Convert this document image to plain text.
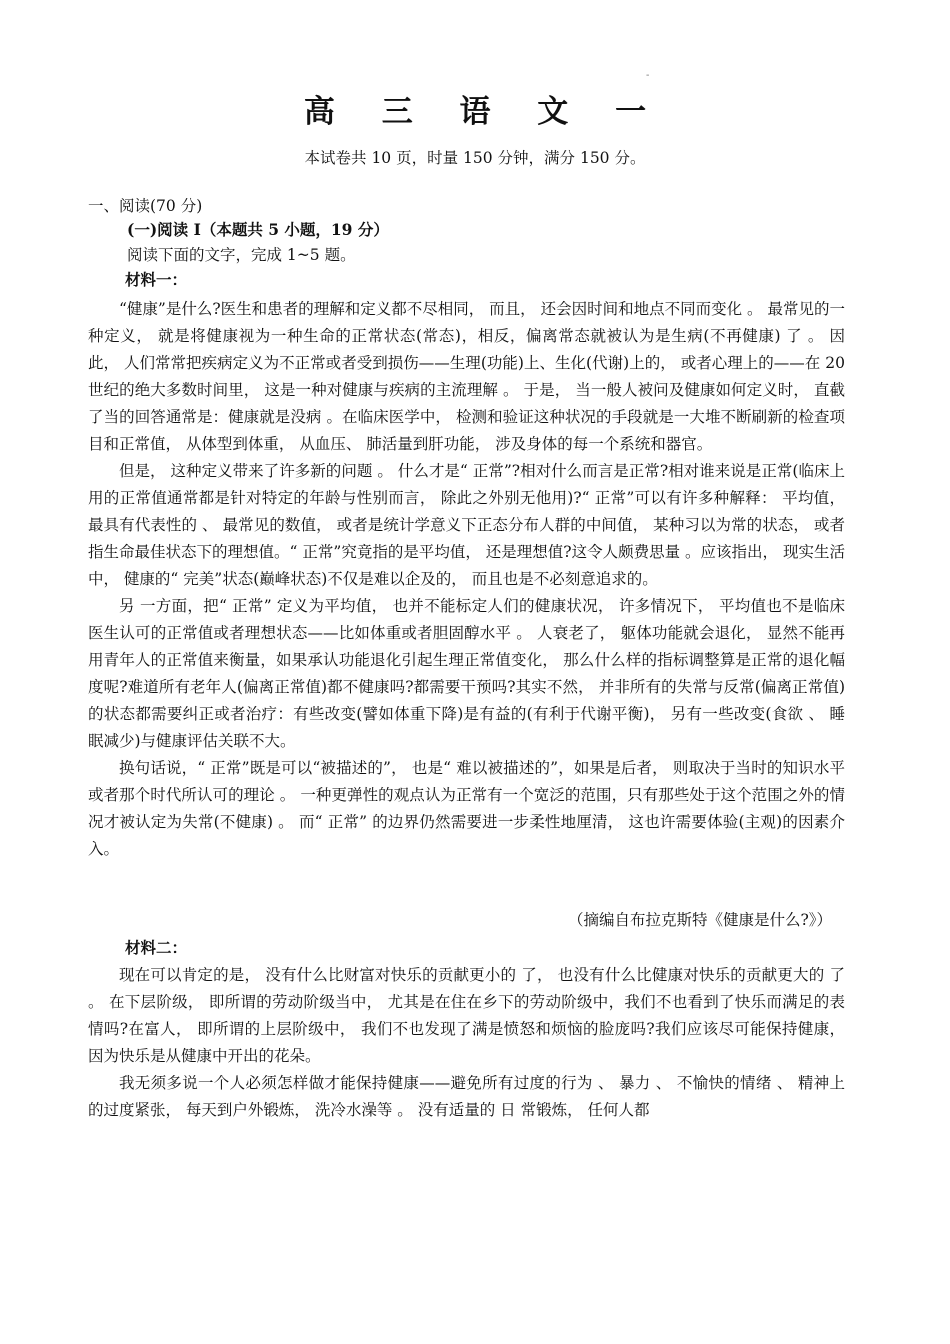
-
高 三 语 文 一
本试卷共 10 页，时量 150 分钟，满分 150 分。
一、阅读(70 分)
(一)阅读 Ⅰ（本题共 5 小题，19 分）
阅读下面的文字，完成 1~5 题。
材料一：

“健康”是什么?医生和患者的理解和定义都不尽相同， 而且， 还会因时间和地点不同而变化 。 最常见的一种定义， 就是将健康视为一种生命的正常状态(常态)，相反，偏离常态就被认为是生病(不再健康) 了 。 因 此， 人们常常把疾病定义为不正常或者受到损伤——生理(功能)上、生化(代谢)上的， 或者心理上的——在 20 世纪的绝大多数时间里， 这是一种对健康与疾病的主流理解 。 于是， 当一般人被问及健康如何定义时， 直截了当的回答通常是：健康就是没病 。在临床医学中， 检测和验证这种状况的手段就是一大堆不断刷新的检查项 目和正常值， 从体型到体重， 从血压、 肺活量到肝功能， 涉及身体的每一个系统和器官。

但是， 这种定义带来了许多新的问题 。 什么才是“ 正常”?相对什么而言是正常?相对谁来说是正常(临床上用的正常值通常都是针对特定的年龄与性别而言， 除此之外别无他用)?“ 正常”可以有许多种解释： 平均值， 最具有代表性的 、 最常见的数值， 或者是统计学意义下正态分布人群的中间值， 某种习以为常的状态， 或者指生命最佳状态下的理想值。“ 正常”究竟指的是平均值， 还是理想值?这令人颇费思量 。应该指出， 现实生活中， 健康的“ 完美”状态(巅峰状态)不仅是难以企及的， 而且也是不必刻意追求的。

另 一方面，把“ 正常” 定义为平均值， 也并不能标定人们的健康状况， 许多情况下， 平均值也不是临床医生认可的正常值或者理想状态——比如体重或者胆固醇水平 。 人衰老了， 躯体功能就会退化， 显然不能再用青年人的正常值来衡量，如果承认功能退化引起生理正常值变化， 那么什么样的指标调整算是正常的退化幅度呢?难道所有老年人(偏离正常值)都不健康吗?都需要干预吗?其实不然， 并非所有的失常与反常(偏离正常值)的状态都需要纠正或者治疗：有些改变(譬如体重下降)是有益的(有利于代谢平衡)， 另有一些改变(食欲 、 睡眠减少)与健康评估关联不大。

换句话说，“ 正常”既是可以“被描述的”， 也是“ 难以被描述的”，如果是后者， 则取决于当时的知识水平或者那个时代所认可的理论 。 一种更弹性的观点认为正常有一个宽泛的范围，只有那些处于这个范围之外的情况才被认定为失常(不健康) 。 而“ 正常” 的边界仍然需要进一步柔性地厘清， 这也许需要体验(主观)的因素介入。

（摘编自布拉克斯特《健康是什么?》）
材料二：

现在可以肯定的是， 没有什么比财富对快乐的贡献更小的 了， 也没有什么比健康对快乐的贡献更大的 了 。 在下层阶级， 即所谓的劳动阶级当中， 尤其是在住在乡下的劳动阶级中，我们不也看到了快乐而满足的表情吗?在富人， 即所谓的上层阶级中， 我们不也发现了满是愤怒和烦恼的脸庞吗?我们应该尽可能保持健康， 因为快乐是从健康中开出的花朵。

我无须多说一个人必须怎样做才能保持健康——避免所有过度的行为 、 暴力 、 不愉快的情绪 、 精神上的过度紧张， 每天到户外锻炼， 洗冷水澡等 。 没有适量的 日 常锻炼， 任何人都
